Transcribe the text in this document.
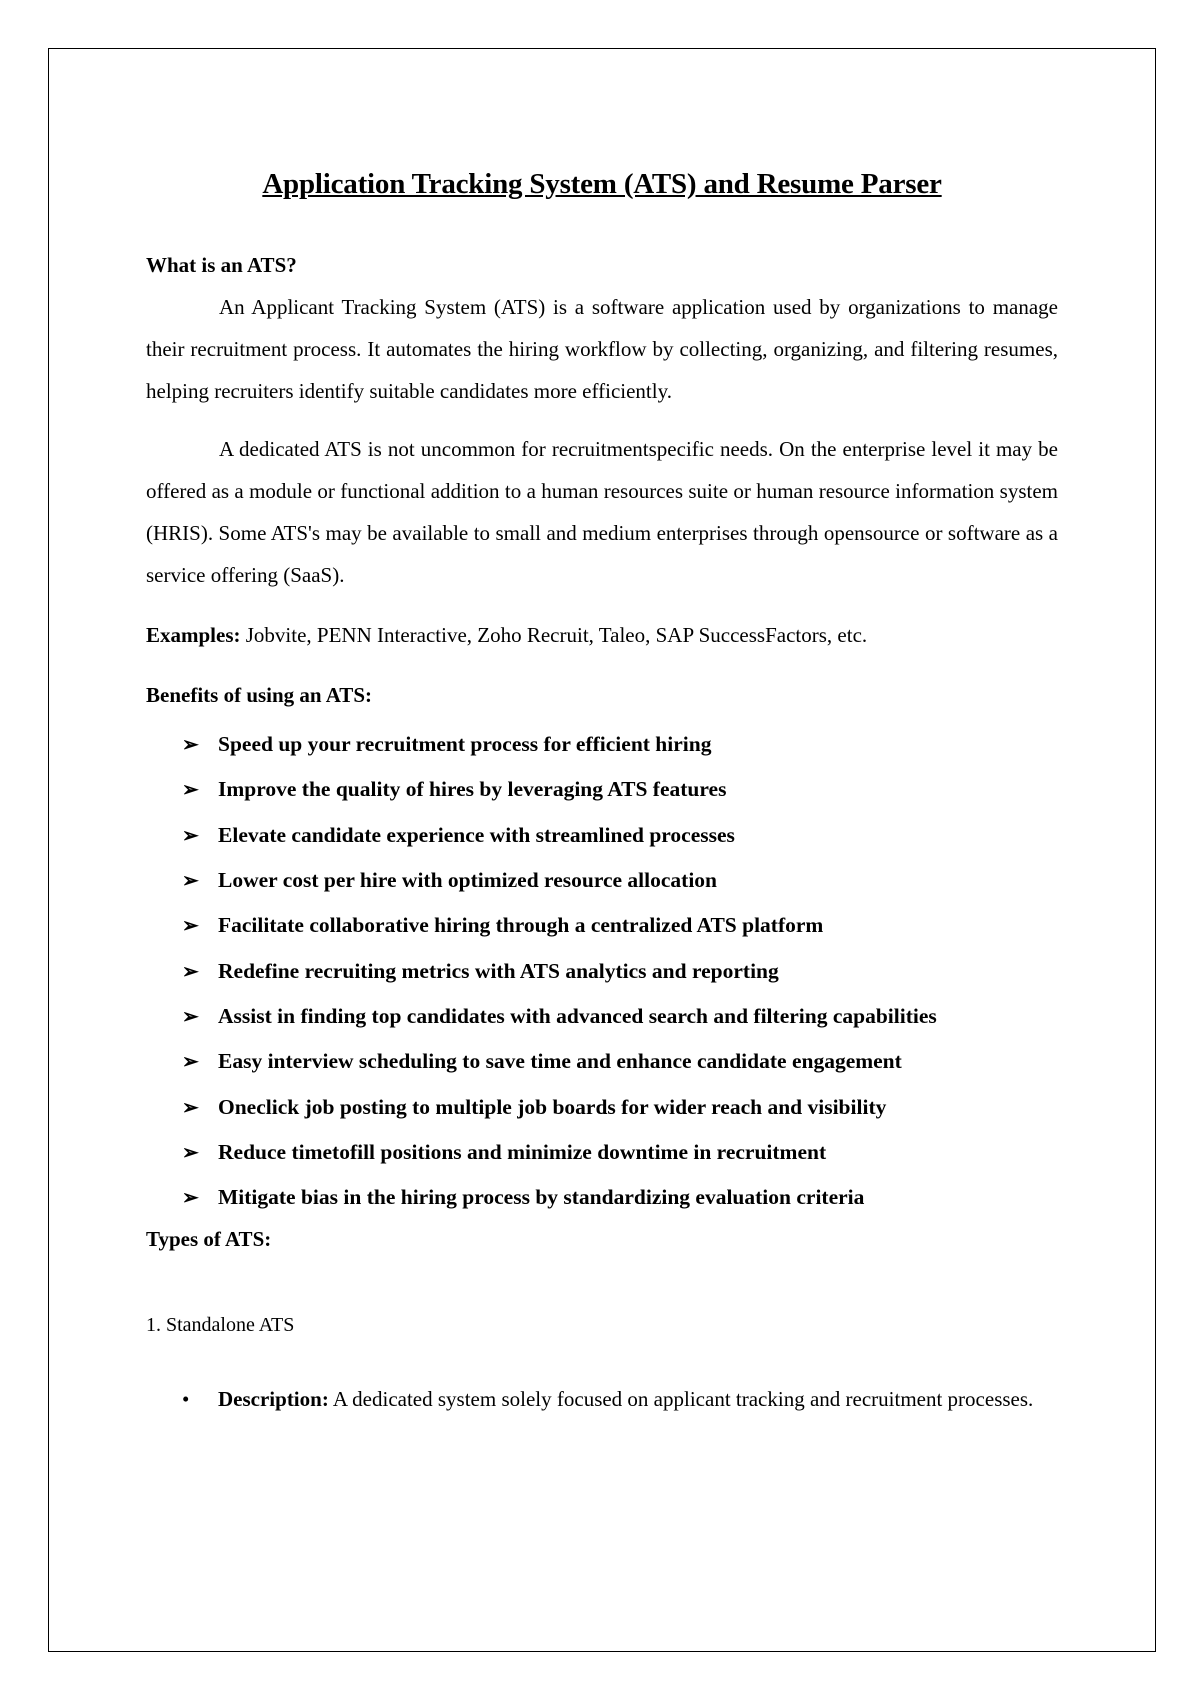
Application Tracking System (ATS) and Resume Parser
What is an ATS?

An Applicant Tracking System (ATS) is a software application used by organizations to manage their recruitment process. It automates the hiring workflow by collecting, organizing, and filtering resumes, helping recruiters identify suitable candidates more efficiently.

A dedicated ATS is not uncommon for recruitmentspecific needs. On the enterprise level it may be offered as a module or functional addition to a human resources suite or human resource information system (HRIS). Some ATS's may be available to small and medium enterprises through opensource or software as a service offering (SaaS).

Examples: Jobvite, PENN Interactive, Zoho Recruit, Taleo, SAP SuccessFactors, etc.

Benefits of using an ATS:
➢ Speed up your recruitment process for efficient hiring
➢ Improve the quality of hires by leveraging ATS features
➢ Elevate candidate experience with streamlined processes
➢ Lower cost per hire with optimized resource allocation
➢ Facilitate collaborative hiring through a centralized ATS platform
➢ Redefine recruiting metrics with ATS analytics and reporting
➢ Assist in finding top candidates with advanced search and filtering capabilities
➢ Easy interview scheduling to save time and enhance candidate engagement
➢ Oneclick job posting to multiple job boards for wider reach and visibility
➢ Reduce timetofill positions and minimize downtime in recruitment
➢ Mitigate bias in the hiring process by standardizing evaluation criteria
Types of ATS:

1. Standalone ATS

•	Description: A dedicated system solely focused on applicant tracking and recruitment processes.
